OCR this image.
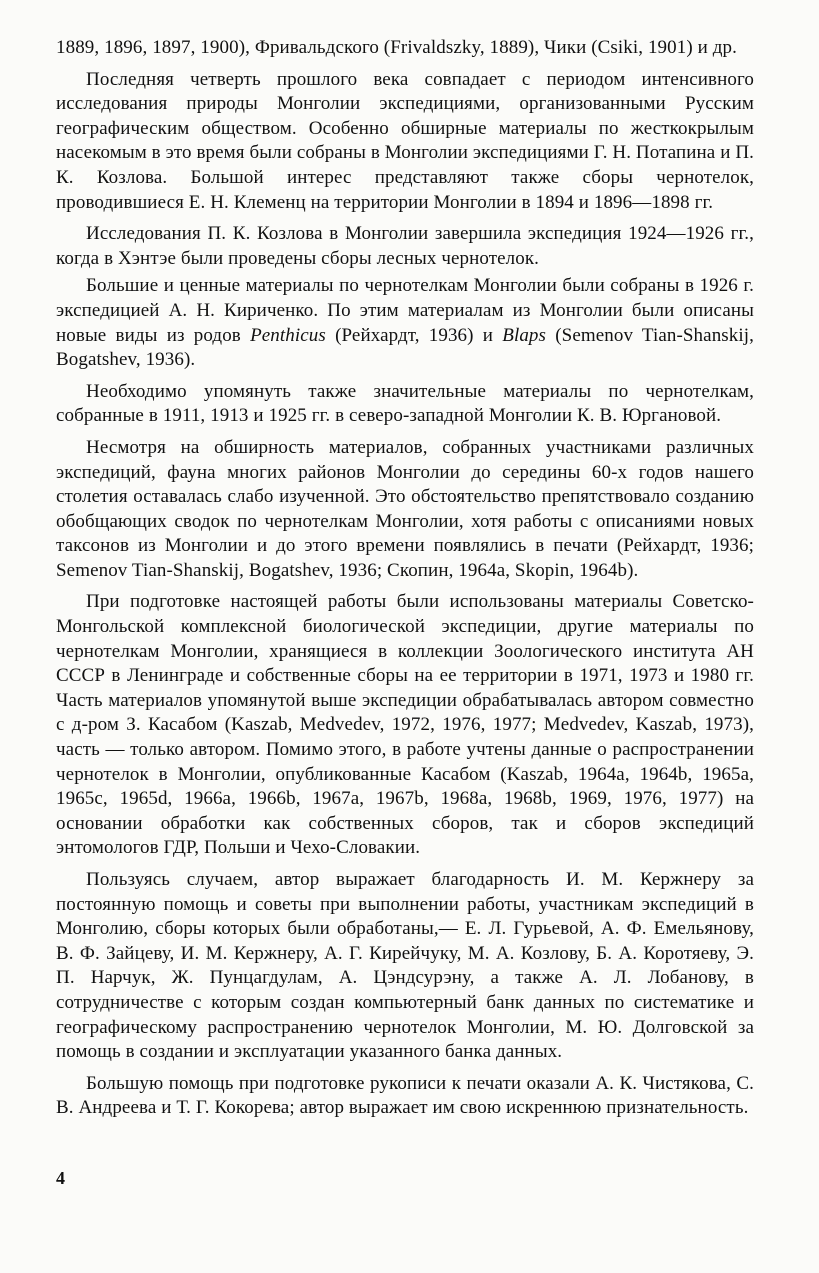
1889, 1896, 1897, 1900), Фривальдского (Frivaldszky, 1889), Чики (Csiki, 1901) и др.

Последняя четверть прошлого века совпадает с периодом интенсивного исследования природы Монголии экспедициями, организованными Русским географическим обществом. Особенно обширные материалы по жесткокрылым насекомым в это время были собраны в Монголии экспедициями Г. Н. Потапина и П. К. Козлова. Большой интерес представляют также сборы чернотелок, проводившиеся Е. Н. Клеменц на территории Монголии в 1894 и 1896—1898 гг.

Исследования П. К. Козлова в Монголии завершила экспедиция 1924—1926 гг., когда в Хэнтэе были проведены сборы лесных чернотелок.

Большие и ценные материалы по чернотелкам Монголии были собраны в 1926 г. экспедицией А. Н. Кириченко. По этим материалам из Монголии были описаны новые виды из родов Penthicus (Рейхардт, 1936) и Blaps (Semenov Tian-Shanskij, Bogatshev, 1936).

Необходимо упомянуть также значительные материалы по чернотелкам, собранные в 1911, 1913 и 1925 гг. в северо-западной Монголии К. В. Юргановой.

Несмотря на обширность материалов, собранных участниками различных экспедиций, фауна многих районов Монголии до середины 60-х годов нашего столетия оставалась слабо изученной. Это обстоятельство препятствовало созданию обобщающих сводок по чернотелкам Монголии, хотя работы с описаниями новых таксонов из Монголии и до этого времени появлялись в печати (Рейхардт, 1936; Semenov Tian-Shanskij, Bogatshev, 1936; Скопин, 1964a, Skopin, 1964b).

При подготовке настоящей работы были использованы материалы Советско-Монгольской комплексной биологической экспедиции, другие материалы по чернотелкам Монголии, хранящиеся в коллекции Зоологического института АН СССР в Ленинграде и собственные сборы на ее территории в 1971, 1973 и 1980 гг. Часть материалов упомянутой выше экспедиции обрабатывалась автором совместно с д-ром З. Касабом (Kaszab, Medvedev, 1972, 1976, 1977; Medvedev, Kaszab, 1973), часть — только автором. Помимо этого, в работе учтены данные о распространении чернотелок в Монголии, опубликованные Касабом (Kaszab, 1964a, 1964b, 1965a, 1965c, 1965d, 1966a, 1966b, 1967a, 1967b, 1968a, 1968b, 1969, 1976, 1977) на основании обработки как собственных сборов, так и сборов экспедиций энтомологов ГДР, Польши и Чехо-Словакии.

Пользуясь случаем, автор выражает благодарность И. М. Кержнеру за постоянную помощь и советы при выполнении работы, участникам экспедиций в Монголию, сборы которых были обработаны,— Е. Л. Гурьевой, А. Ф. Емельянову, В. Ф. Зайцеву, И. М. Кержнеру, А. Г. Кирейчуку, М. А. Козлову, Б. А. Коротяеву, Э. П. Нарчук, Ж. Пунцагдулам, А. Цэндсурэну, а также А. Л. Лобанову, в сотрудничестве с которым создан компьютерный банк данных по систематике и географическому распространению чернотелок Монголии, М. Ю. Долговской за помощь в создании и эксплуатации указанного банка данных.

Большую помощь при подготовке рукописи к печати оказали А. К. Чистякова, С. В. Андреева и Т. Г. Кокорева; автор выражает им свою искреннюю признательность.

4
